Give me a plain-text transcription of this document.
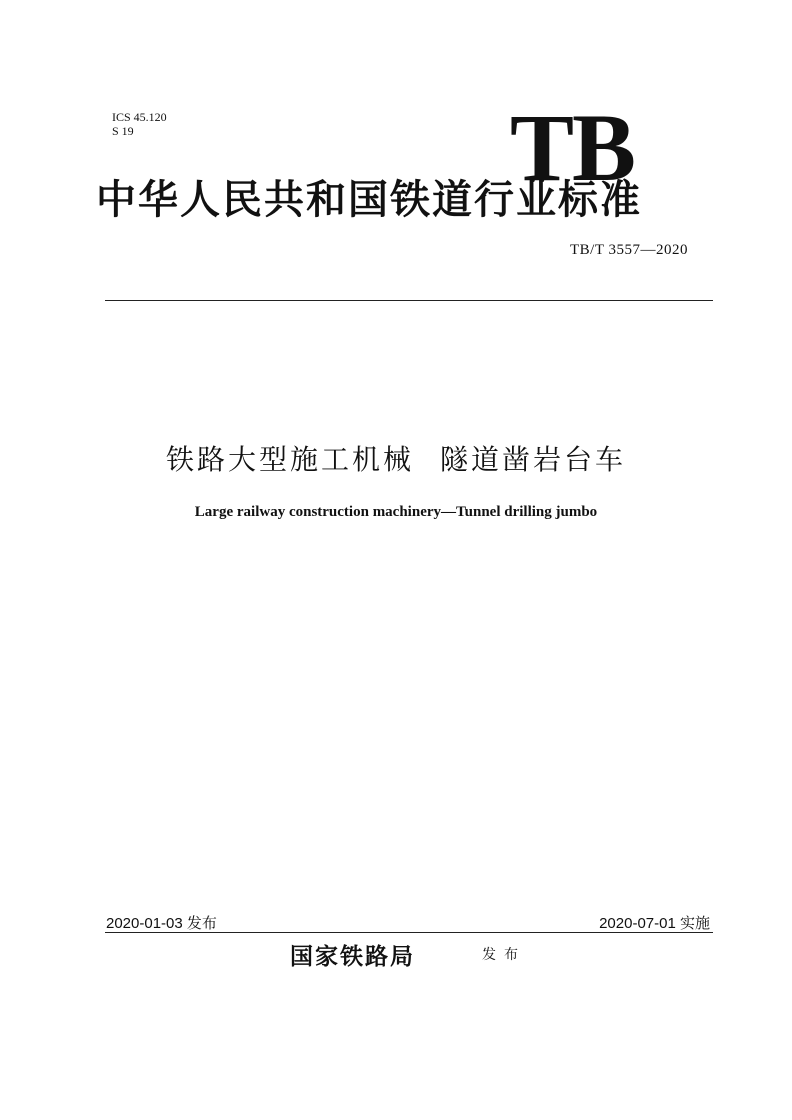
ICS 45.120
S 19	TB
中华人民共和国铁道行业标准
TB/T 3557—2020
铁路大型施工机械 隧道凿岩台车
Large railway construction machinery—Tunnel drilling jumbo
2020-01-03 发布	2020-07-01 实施
国家铁路局	发布
